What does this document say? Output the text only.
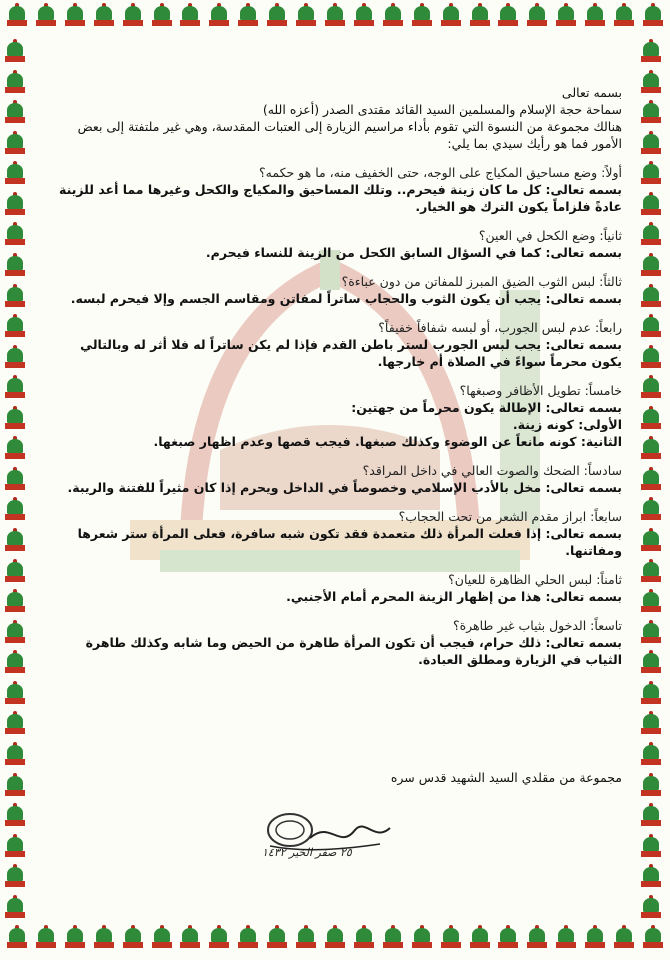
بسمه تعالى

سماحة حجة الإسلام والمسلمين السيد القائد مقتدى الصدر (أعزه الله)

هنالك مجموعة من النسوة التي تقوم بأداء مراسيم الزيارة إلى العتبات المقدسة، وهي غير ملتفتة إلى بعض الأمور فما هو رأيك سيدي بما يلي:

أولاً: وضع مساحيق المكياج على الوجه، حتى الخفيف منه، ما هو حكمه؟

بسمه تعالى: كل ما كان زينة فيحرم.. وتلك المساحيق والمكياج والكحل وغيرها مما أعد للزينة عادةً فلزاماً يكون الترك هو الخيار.

ثانياً: وضع الكحل في العين؟

بسمه تعالى: كما في السؤال السابق الكحل من الزينة للنساء فيحرم.

ثالثاً: لبس الثوب الضيق المبرز للمفاتن من دون عباءة؟

بسمه تعالى: يجب أن يكون الثوب والحجاب ساتراً لمفاتن ومقاسم الجسم وإلا فيحرم لبسه.

رابعاً: عدم لبس الجورب، أو لبسه شفافاً خفيفاً؟

بسمه تعالى: يجب لبس الجورب لستر باطن القدم فإذا لم يكن ساتراً له فلا أثر له وبالتالي يكون محرماً سواءً في الصلاة أم خارجها.

خامساً: تطويل الأظافر وصبغها؟

بسمه تعالى: الإطالة يكون محرماً من جهتين:

الأولى: كونه زينة.

الثانية: كونه مانعاً عن الوضوء وكذلك صبغها. فيجب قصها وعدم اظهار صبغها.

سادساً: الضحك والصوت العالي في داخل المراقد؟

بسمه تعالى: مخل بالأدب الإسلامي وخصوصاً في الداخل ويحرم إذا كان مثيراً للفتنة والريبة.

سابعاً: ابراز مقدم الشعر من تحت الحجاب؟

بسمه تعالى: إذا فعلت المرأة ذلك متعمدة فقد تكون شبه سافرة، فعلى المرأة ستر شعرها ومفاتنها.

ثامناً: لبس الحلي الظاهرة للعيان؟

بسمه تعالى: هذا من إظهار الزينة المحرم أمام الأجنبي.

تاسعاً: الدخول بثياب غير طاهرة؟

بسمه تعالى: ذلك حرام، فيجب أن تكون المرأة طاهرة من الحيض وما شابه وكذلك طاهرة الثياب في الزيارة ومطلق العبادة.

مجموعة من مقلدي السيد الشهيد قدس سره
٢٥ صفر الخير ١٤٣٢
